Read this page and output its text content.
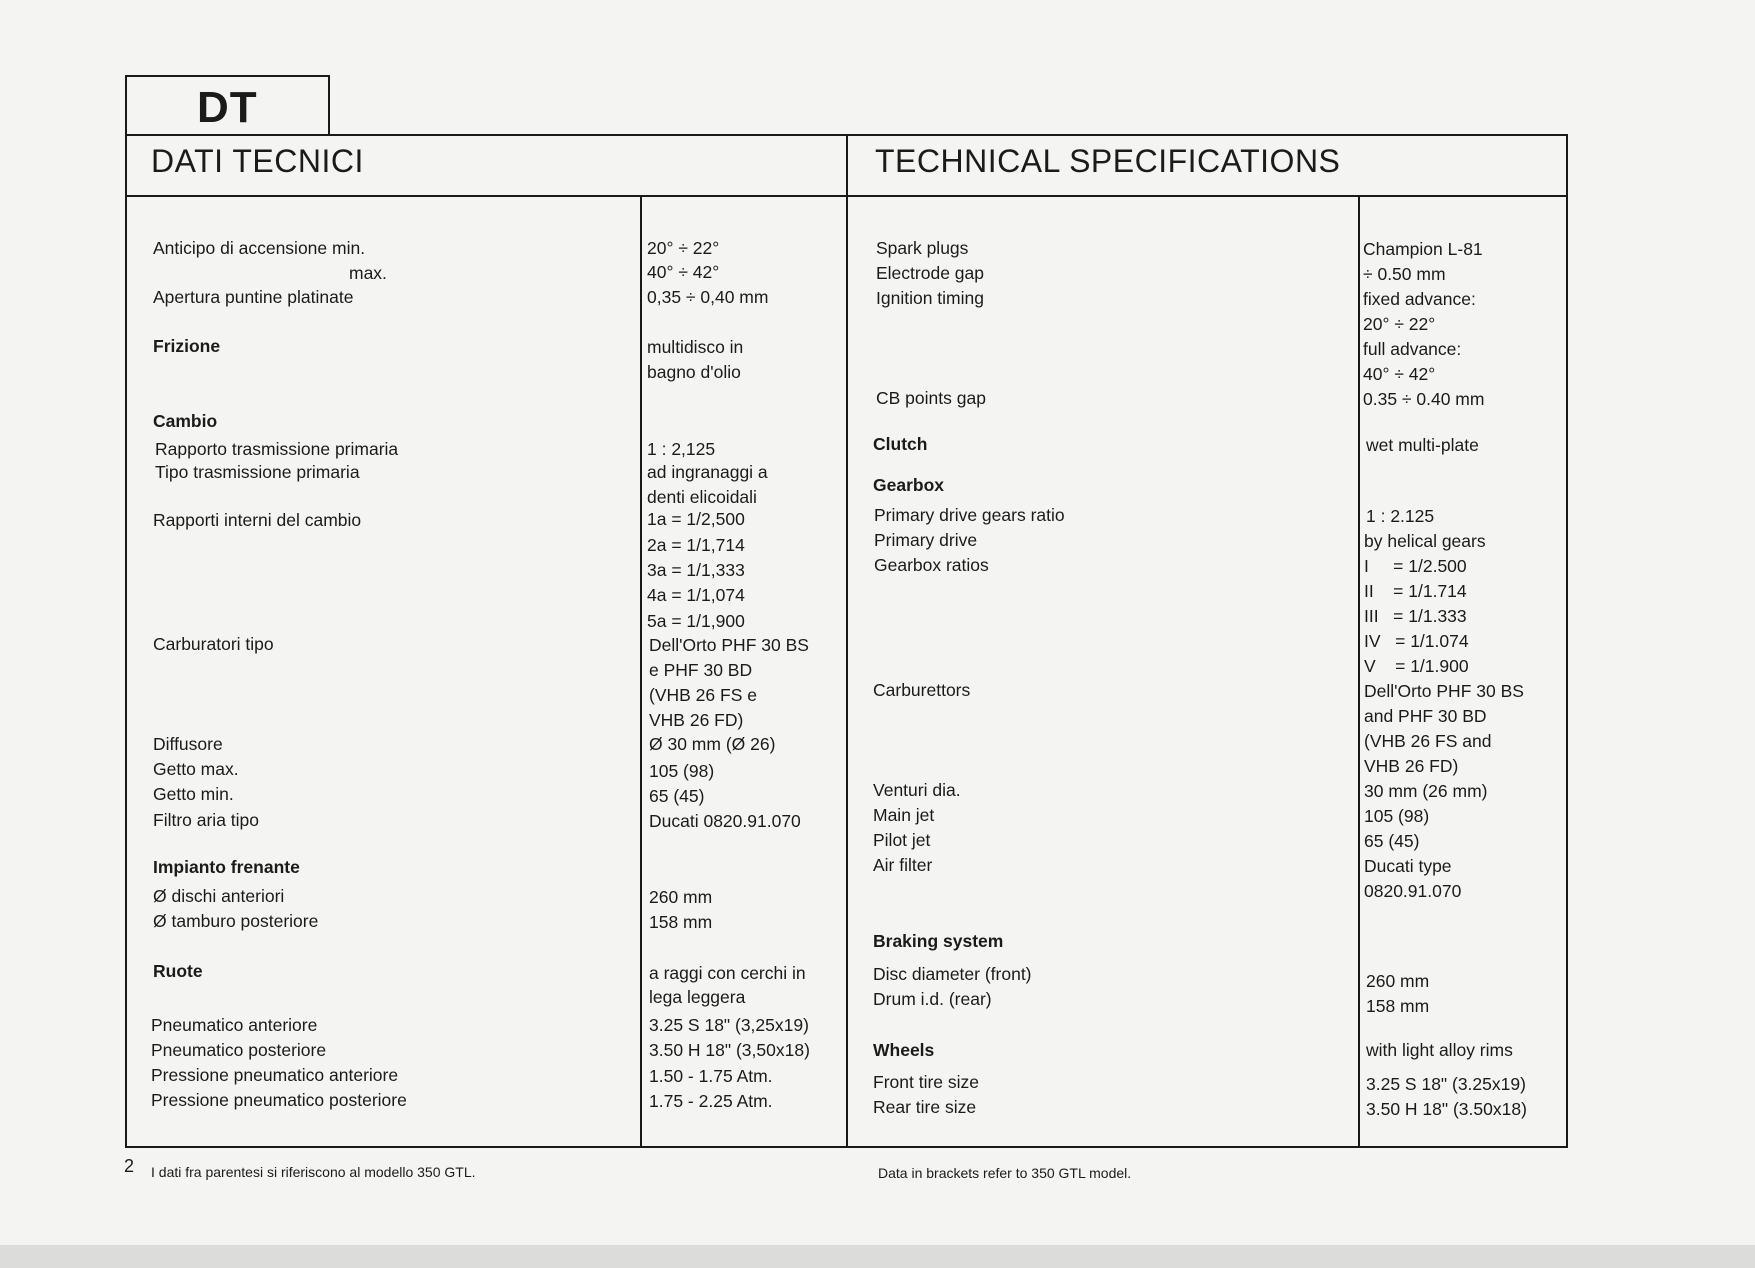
DT
DATI TECNICI	TECHNICAL SPECIFICATIONS
Anticipo di accensione min.
max.
Apertura puntine platinate
Frizione
Cambio
Rapporto trasmissione primaria
Tipo trasmissione primaria
Rapporti interni del cambio
Carburatori tipo
Diffusore
Getto max.
Getto min.
Filtro aria tipo
Impianto frenante
Ø dischi anteriori
Ø tamburo posteriore
Ruote
Pneumatico anteriore
Pneumatico posteriore
Pressione pneumatico anteriore
Pressione pneumatico posteriore
20° ÷ 22°
40° ÷ 42°
0,35 ÷ 0,40 mm
multidisco in
bagno d'olio
1 : 2,125
ad ingranaggi a
denti elicoidali
1a = 1/2,500
2a = 1/1,714
3a = 1/1,333
4a = 1/1,074
5a = 1/1,900
Dell'Orto PHF 30 BS
e PHF 30 BD
(VHB 26 FS e
VHB 26 FD)
Ø 30 mm (Ø 26)
105 (98)
65 (45)
Ducati 0820.91.070
260 mm
158 mm
a raggi con cerchi in
lega leggera
3.25 S 18" (3,25x19)
3.50 H 18" (3,50x18)
1.50 - 1.75 Atm.
1.75 - 2.25 Atm.
Spark plugs
Electrode gap
Ignition timing
CB points gap
Clutch
Gearbox
Primary drive gears ratio
Primary drive
Gearbox ratios
Carburettors
Venturi dia.
Main jet
Pilot jet
Air filter
Braking system
Disc diameter (front)
Drum i.d. (rear)
Wheels
Front tire size
Rear tire size
Champion L-81
÷ 0.50 mm
fixed advance:
20° ÷ 22°
full advance:
40° ÷ 42°
0.35 ÷ 0.40 mm
wet multi-plate
1 : 2.125
by helical gears
I     = 1/2.500
II    = 1/1.714
III   = 1/1.333
IV   = 1/1.074
V    = 1/1.900
Dell'Orto PHF 30 BS
and PHF 30 BD
(VHB 26 FS and
VHB 26 FD)
30 mm (26 mm)
105 (98)
65 (45)
Ducati type
0820.91.070
260 mm
158 mm
with light alloy rims
3.25 S 18" (3.25x19)
3.50 H 18" (3.50x18)
2 I dati fra parentesi si riferiscono al modello 350 GTL.	Data in brackets refer to 350 GTL model.
